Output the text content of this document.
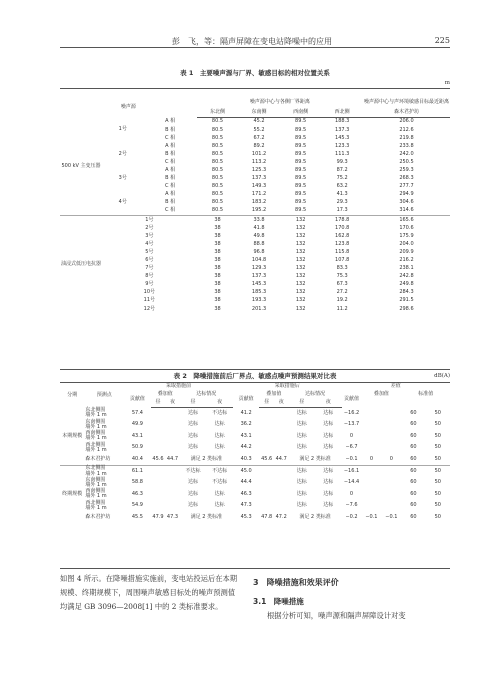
彭　飞，等：隔声屏障在变电站降噪中的应用	225
表 1　主要噪声源与厂界、敏感目标的相对位置关系
m
噪声源			噪声源中心与各侧厂界距离				噪声源中心与声环境敏感目标最近距离
			东北侧	东南侧	西南侧	西北侧	森木君护坊
500 kV 主变压器	1号	A 相	80.5	45.2	89.5	188.3	206.0
		B 相	80.5	55.2	89.5	137.3	212.6
		C 相	80.5	67.2	89.5	145.3	219.8
	2号	A 相	80.5	89.2	89.5	123.3	233.8
		B 相	80.5	101.2	89.5	111.3	242.0
		C 相	80.5	113.2	89.5	99.3	250.5
	3号	A 相	80.5	125.3	89.5	87.2	259.3
		B 相	80.5	137.3	89.5	75.2	268.3
		C 相	80.5	149.3	89.5	63.2	277.7
	4号	A 相	80.5	171.2	89.5	41.3	294.9
		B 相	80.5	183.2	89.5	29.3	304.6
		C 相	80.5	195.2	89.5	17.3	314.6
油浸式低压电抗器	1号		38	33.8	132	178.8	165.6
	2号		38	41.8	132	170.8	170.6
	3号		38	49.8	132	162.8	175.9
	4号		38	88.8	132	123.8	204.0
	5号		38	96.8	132	115.8	209.9
	6号		38	104.8	132	107.8	216.2
	7号		38	129.3	132	83.3	238.1
	8号		38	137.3	132	75.3	242.8
	9号		38	145.3	132	67.3	249.8
	10号		38	185.3	132	27.2	284.3
	11号		38	193.3	132	19.2	291.5
	12号		38	201.3	132	11.2	298.6
表 2　降噪措施前后厂界点、敏感点噪声预测结果对比表	dB(A)
分期	预测点	采取措施前					采取措施后					差值				
		贡献值	叠加值		达标情况		贡献值	叠加值		达标情况		贡献值	叠加值		标准值	
			昼	夜	昼	夜		昼	夜	昼	夜					
本期规模	东北侧围
墙外 1 m	57.4			达标	不达标	41.2			达标	达标	−16.2			60	50

	东南侧围
墙外 1 m	49.9			达标	达标	36.2			达标	达标	−13.7			60	50

	西南侧围
墙外 1 m	43.1			达标	达标	43.1			达标	达标	0			60	50

	西北侧围
墙外 1 m	50.9			达标	达标	44.2			达标	达标	−6.7			60	50

	森木君护坊	40.4	45.6	44.7	满足 2 类标准		40.3	45.6	44.7	满足 2 类标准		−0.1	0	0	60	50
终期规模	东北侧围
墙外 1 m	61.1			不达标	不达标	45.0			达标	达标	−16.1			60	50

	东南侧围
墙外 1 m	58.8			达标	不达标	44.4			达标	达标	−14.4			60	50

	西南侧围
墙外 1 m	46.3			达标	达标	46.3			达标	达标	0			60	50

	西北侧围
墙外 1 m	54.9			达标	达标	47.3			达标	达标	−7.6			60	50

	森木君护坊	45.5	47.9	47.3	满足 2 类标准		45.3	47.8	47.2	满足 2 类标准		−0.2	−0.1	−0.1	60	50
如图 4 所示。在降噪措施实施前，变电站投运后在本期规模、终期规模下，周围噪声敏感目标处的噪声预测值均满足 GB 3096—2008[1] 中的 2 类标准要求。
3　降噪措施和效果评价
3.1　降噪措施
根据分析可知，噪声源和隔声屏障设计对变
